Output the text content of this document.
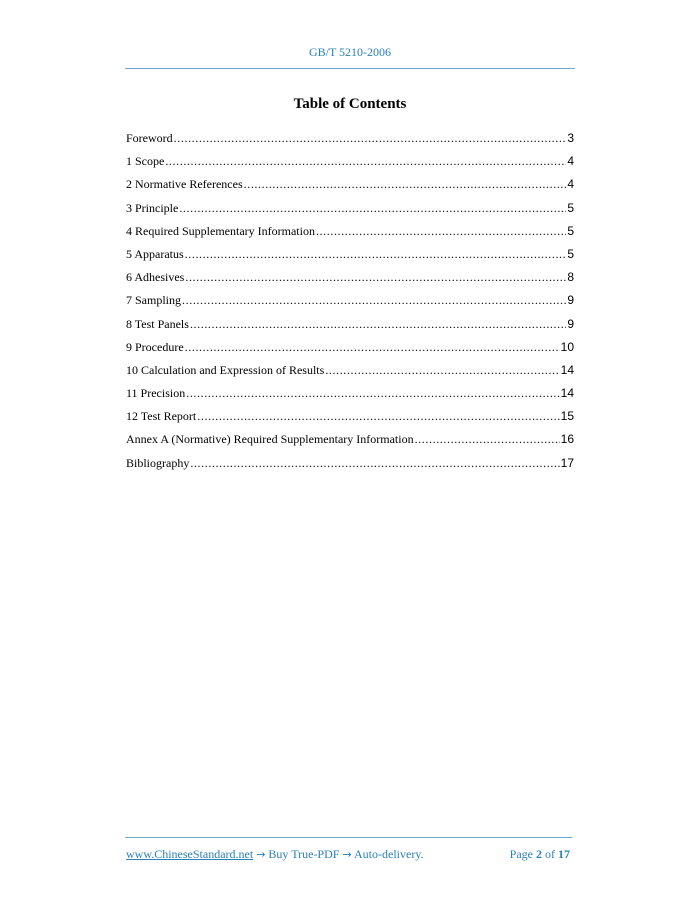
GB/T 5210-2006
Table of Contents
Foreword .....	3
1 Scope .....	4
2 Normative References .....	4
3 Principle .....	5
4 Required Supplementary Information .....	5
5 Apparatus .....	5
6 Adhesives .....	8
7 Sampling .....	9
8 Test Panels .....	9
9 Procedure .....	10
10 Calculation and Expression of Results .....	14
11 Precision .....	14
12 Test Report .....	15
Annex A (Normative) Required Supplementary Information .....	16
Bibliography .....	17
www.ChineseStandard.net → Buy True-PDF → Auto-delivery.	Page 2 of 17
